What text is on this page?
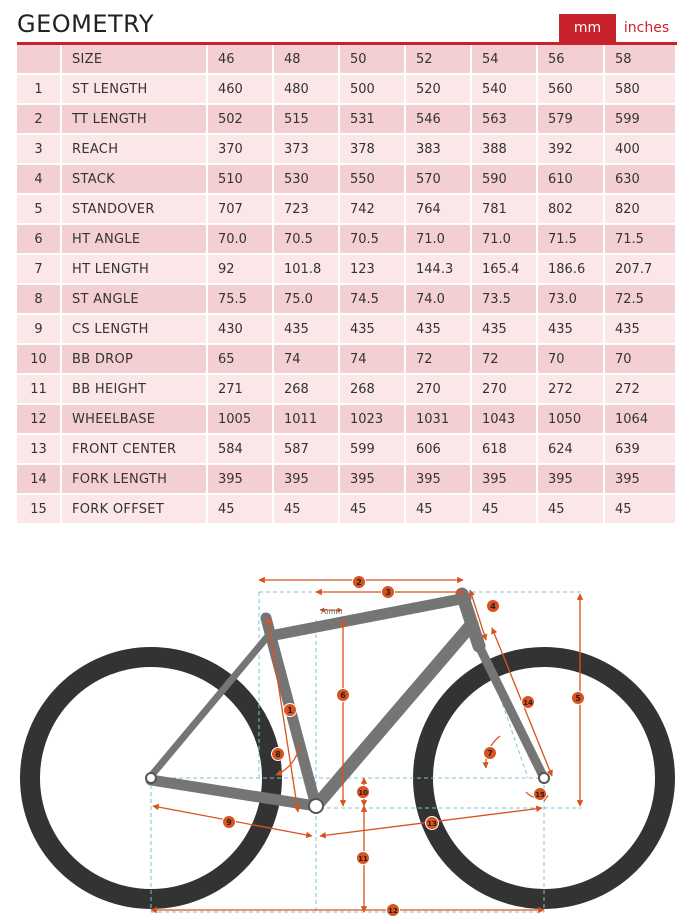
GEOMETRY	mm	inches
	SIZE	46	48	50	52	54	56	58
1	ST LENGTH	460	480	500	520	540	560	580
2	TT LENGTH	502	515	531	546	563	579	599
3	REACH	370	373	378	383	388	392	400
4	STACK	510	530	550	570	590	610	630
5	STANDOVER	707	723	742	764	781	802	820
6	HT ANGLE	70.0	70.5	70.5	71.0	71.0	71.5	71.5
7	HT LENGTH	92	101.8	123	144.3	165.4	186.6	207.7
8	ST ANGLE	75.5	75.0	74.5	74.0	73.5	73.0	72.5
9	CS LENGTH	430	435	435	435	435	435	435
10	BB DROP	65	74	74	72	72	70	70
11	BB HEIGHT	271	268	268	270	270	272	272
12	WHEELBASE	1005	1011	1023	1031	1043	1050	1064
13	FRONT CENTER	584	587	599	606	618	624	639
14	FORK LENGTH	395	395	395	395	395	395	395
15	FORK OFFSET	45	45	45	45	45	45	45
70mm
1
2
3
4
5
6
7
8
9
10
11
12
13
14
15
